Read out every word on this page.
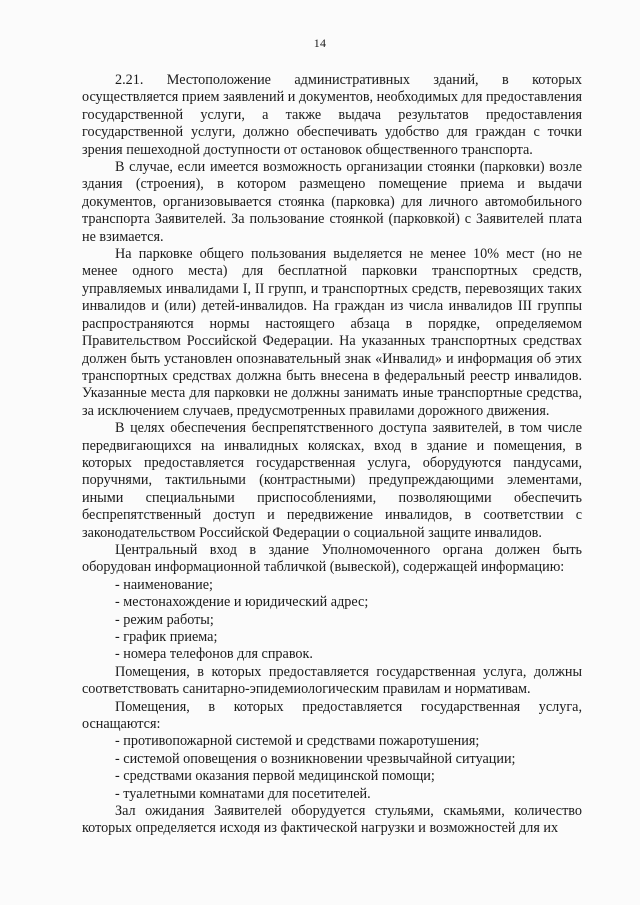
14

2.21. Местоположение административных зданий, в которых осуществляется прием заявлений и документов, необходимых для предоставления государственной услуги, а также выдача результатов предоставления государственной услуги, должно обеспечивать удобство для граждан с точки зрения пешеходной доступности от остановок общественного транспорта.

В случае, если имеется возможность организации стоянки (парковки) возле здания (строения), в котором размещено помещение приема и выдачи документов, организовывается стоянка (парковка) для личного автомобильного транспорта Заявителей. За пользование стоянкой (парковкой) с Заявителей плата не взимается.

На парковке общего пользования выделяется не менее 10% мест (но не менее одного места) для бесплатной парковки транспортных средств, управляемых инвалидами I, II групп, и транспортных средств, перевозящих таких инвалидов и (или) детей-инвалидов. На граждан из числа инвалидов III группы распространяются нормы настоящего абзаца в порядке, определяемом Правительством Российской Федерации. На указанных транспортных средствах должен быть установлен опознавательный знак «Инвалид» и информация об этих транспортных средствах должна быть внесена в федеральный реестр инвалидов. Указанные места для парковки не должны занимать иные транспортные средства, за исключением случаев, предусмотренных правилами дорожного движения.

В целях обеспечения беспрепятственного доступа заявителей, в том числе передвигающихся на инвалидных колясках, вход в здание и помещения, в которых предоставляется государственная услуга, оборудуются пандусами, поручнями, тактильными (контрастными) предупреждающими элементами, иными специальными приспособлениями, позволяющими обеспечить беспрепятственный доступ и передвижение инвалидов, в соответствии с законодательством Российской Федерации о социальной защите инвалидов.

Центральный вход в здание Уполномоченного органа должен быть оборудован информационной табличкой (вывеской), содержащей информацию:

- наименование;
- местонахождение и юридический адрес;
- режим работы;
- график приема;
- номера телефонов для справок.

Помещения, в которых предоставляется государственная услуга, должны соответствовать санитарно-эпидемиологическим правилам и нормативам.

Помещения, в которых предоставляется государственная услуга, оснащаются:

- противопожарной системой и средствами пожаротушения;
- системой оповещения о возникновении чрезвычайной ситуации;
- средствами оказания первой медицинской помощи;
- туалетными комнатами для посетителей.

Зал ожидания Заявителей оборудуется стульями, скамьями, количество которых определяется исходя из фактической нагрузки и возможностей для их
